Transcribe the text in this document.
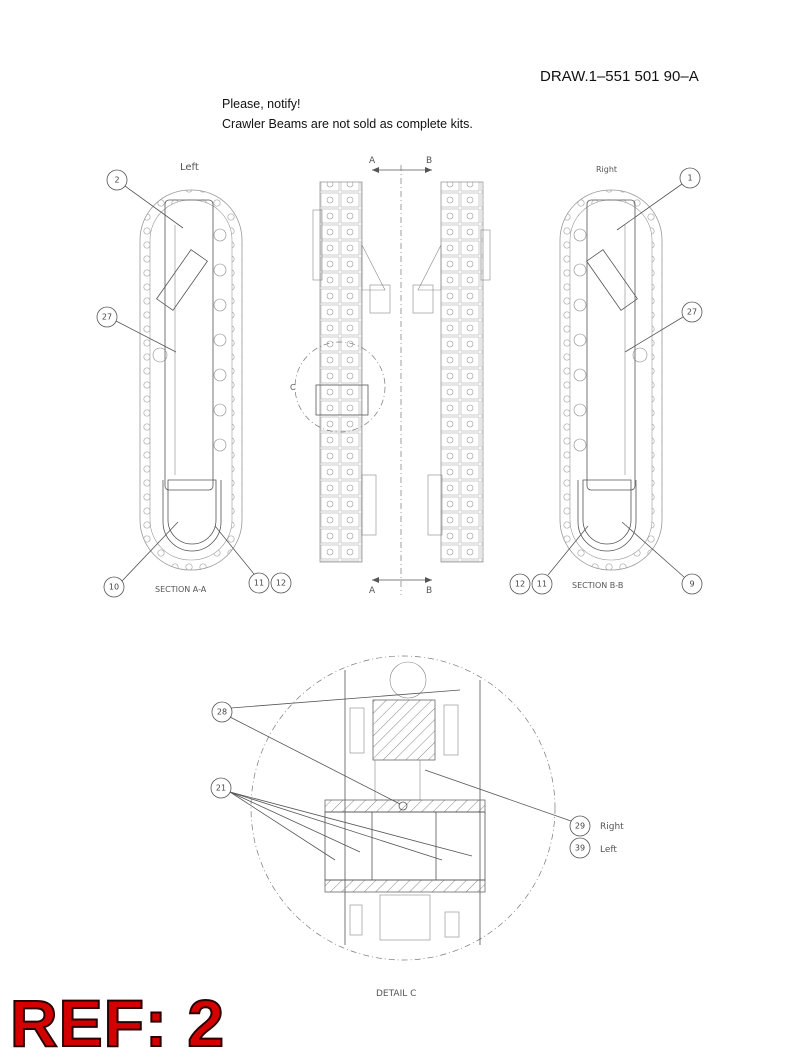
DRAW.1–551 501 90–A
Please, notify!
Crawler Beams are not sold as complete kits.
Left
SECTION A-A
2
27
10	11 12
A	B
C
A	B
Right
SECTION B-B
1
27
12 11	9
DETAIL C
28
21
29
39
Right
Left
REF: 2
